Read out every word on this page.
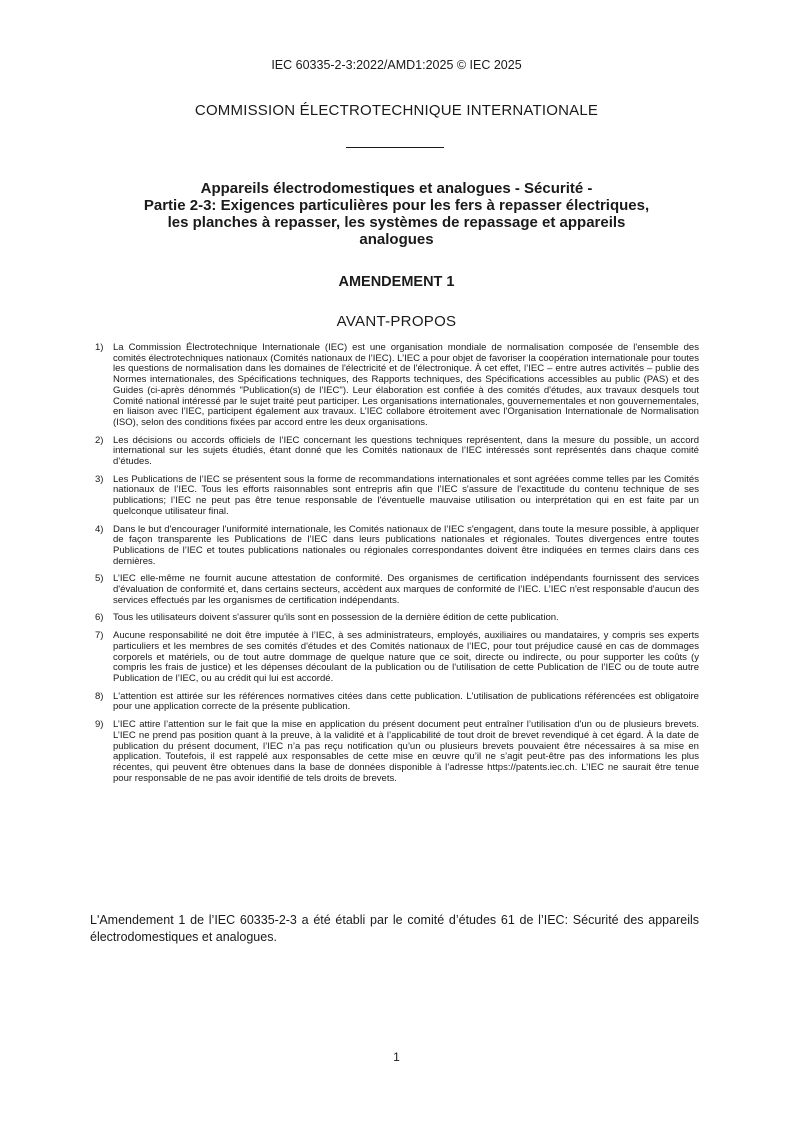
IEC 60335-2-3:2022/AMD1:2025 © IEC 2025
COMMISSION ÉLECTROTECHNIQUE INTERNATIONALE
Appareils électrodomestiques et analogues - Sécurité -
Partie 2-3: Exigences particulières pour les fers à repasser électriques,
les planches à repasser, les systèmes de repassage et appareils
analogues
AMENDEMENT 1
AVANT-PROPOS
1) La Commission Électrotechnique Internationale (IEC) est une organisation mondiale de normalisation composée de l'ensemble des comités électrotechniques nationaux (Comités nationaux de l’IEC). L’IEC a pour objet de favoriser la coopération internationale pour toutes les questions de normalisation dans les domaines de l'électricité et de l'électronique. À cet effet, l’IEC – entre autres activités – publie des Normes internationales, des Spécifications techniques, des Rapports techniques, des Spécifications accessibles au public (PAS) et des Guides (ci-après dénommés "Publication(s) de l’IEC"). Leur élaboration est confiée à des comités d'études, aux travaux desquels tout Comité national intéressé par le sujet traité peut participer. Les organisations internationales, gouvernementales et non gouvernementales, en liaison avec l’IEC, participent également aux travaux. L’IEC collabore étroitement avec l'Organisation Internationale de Normalisation (ISO), selon des conditions fixées par accord entre les deux organisations.
2) Les décisions ou accords officiels de l’IEC concernant les questions techniques représentent, dans la mesure du possible, un accord international sur les sujets étudiés, étant donné que les Comités nationaux de l’IEC intéressés sont représentés dans chaque comité d’études.
3) Les Publications de l’IEC se présentent sous la forme de recommandations internationales et sont agréées comme telles par les Comités nationaux de l’IEC. Tous les efforts raisonnables sont entrepris afin que l’IEC s'assure de l'exactitude du contenu technique de ses publications; l’IEC ne peut pas être tenue responsable de l'éventuelle mauvaise utilisation ou interprétation qui en est faite par un quelconque utilisateur final.
4) Dans le but d'encourager l'uniformité internationale, les Comités nationaux de l’IEC s'engagent, dans toute la mesure possible, à appliquer de façon transparente les Publications de l’IEC dans leurs publications nationales et régionales. Toutes divergences entre toutes Publications de l’IEC et toutes publications nationales ou régionales correspondantes doivent être indiquées en termes clairs dans ces dernières.
5) L’IEC elle-même ne fournit aucune attestation de conformité. Des organismes de certification indépendants fournissent des services d'évaluation de conformité et, dans certains secteurs, accèdent aux marques de conformité de l’IEC. L’IEC n'est responsable d'aucun des services effectués par les organismes de certification indépendants.
6) Tous les utilisateurs doivent s'assurer qu'ils sont en possession de la dernière édition de cette publication.
7) Aucune responsabilité ne doit être imputée à l’IEC, à ses administrateurs, employés, auxiliaires ou mandataires, y compris ses experts particuliers et les membres de ses comités d'études et des Comités nationaux de l’IEC, pour tout préjudice causé en cas de dommages corporels et matériels, ou de tout autre dommage de quelque nature que ce soit, directe ou indirecte, ou pour supporter les coûts (y compris les frais de justice) et les dépenses découlant de la publication ou de l'utilisation de cette Publication de l’IEC ou de toute autre Publication de l’IEC, ou au crédit qui lui est accordé.
8) L'attention est attirée sur les références normatives citées dans cette publication. L'utilisation de publications référencées est obligatoire pour une application correcte de la présente publication.
9) L’IEC attire l’attention sur le fait que la mise en application du présent document peut entraîner l’utilisation d'un ou de plusieurs brevets. L’IEC ne prend pas position quant à la preuve, à la validité et à l’applicabilité de tout droit de brevet revendiqué à cet égard. À la date de publication du présent document, l’IEC n’a pas reçu notification qu’un ou plusieurs brevets pouvaient être nécessaires à sa mise en application. Toutefois, il est rappelé aux responsables de cette mise en œuvre qu’il ne s’agit peut-être pas des informations les plus récentes, qui peuvent être obtenues dans la base de données disponible à l’adresse https://patents.iec.ch. L’IEC ne saurait être tenue pour responsable de ne pas avoir identifié de tels droits de brevets.
L'Amendement 1 de l’IEC 60335-2-3 a été établi par le comité d’études 61 de l’IEC: Sécurité des appareils électrodomestiques et analogues.
1
